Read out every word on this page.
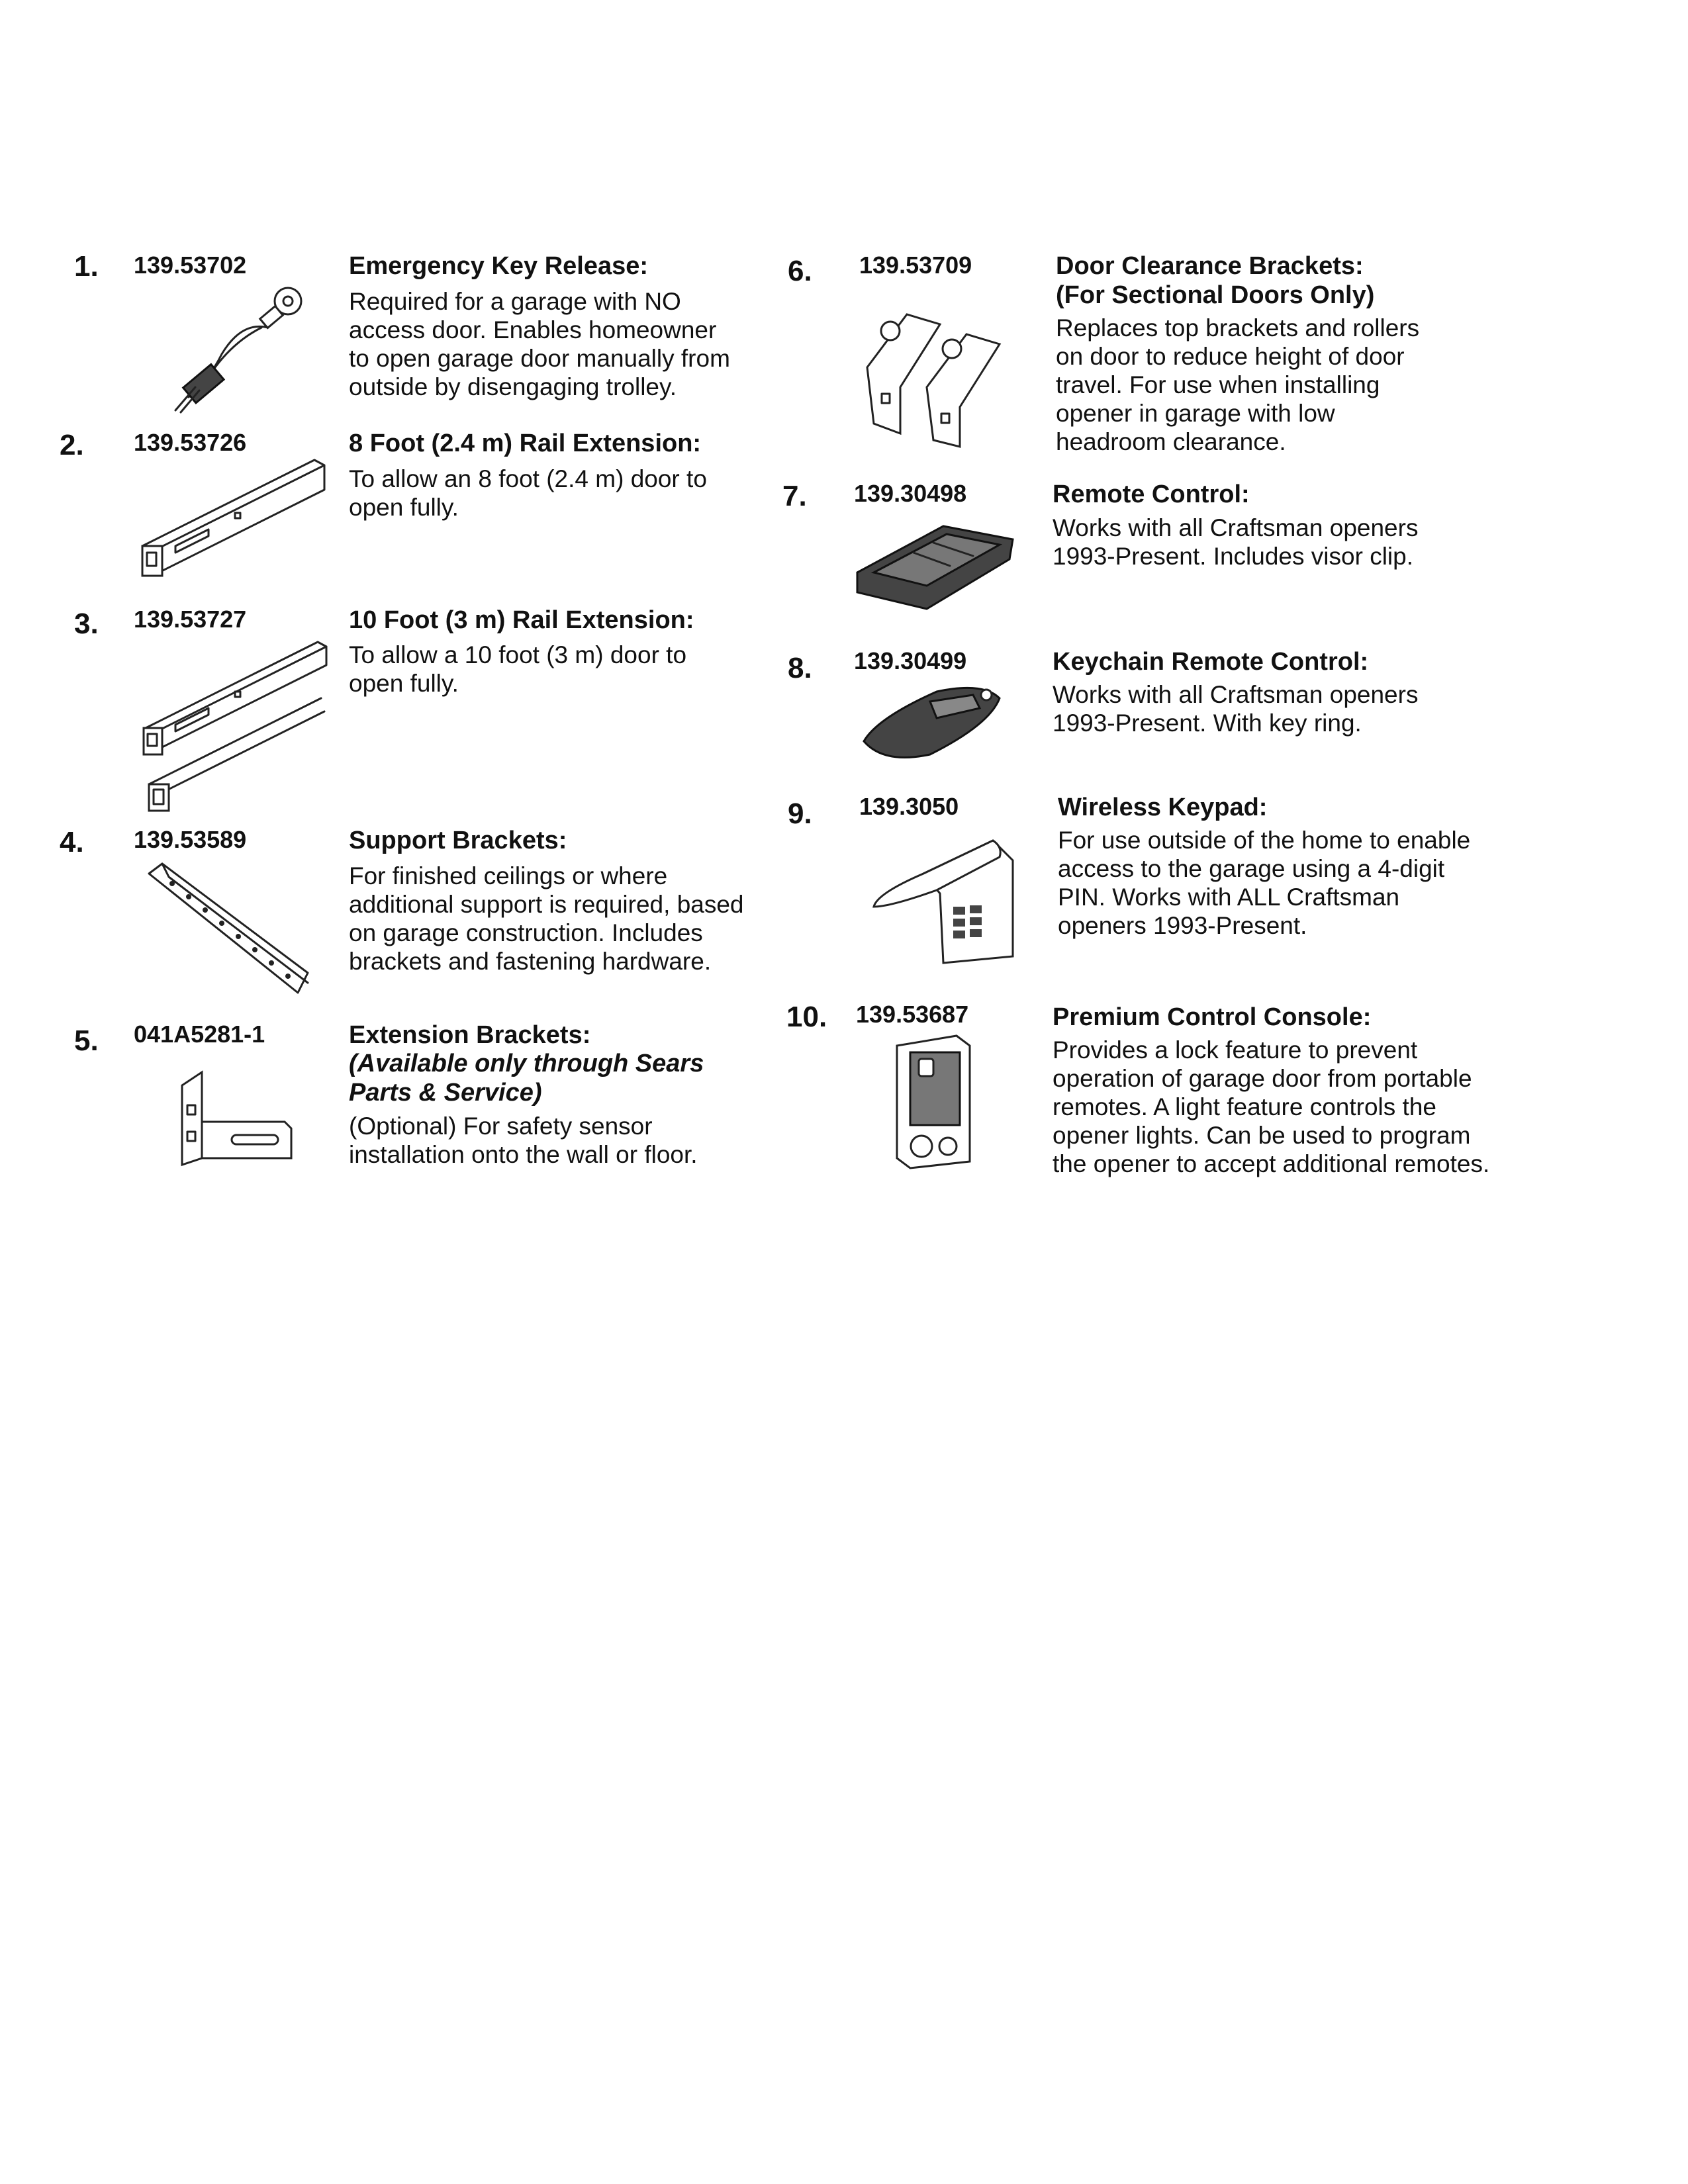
1. 139.53702	Emergency Key Release:
Required for a garage with NO
access door. Enables homeowner
to open garage door manually from
outside by disengaging trolley.
2. 139.53726	8 Foot (2.4 m) Rail Extension:
To allow an 8 foot (2.4 m) door to
open fully.
3. 139.53727	10 Foot (3 m) Rail Extension:
To allow a 10 foot (3 m) door to
open fully.
4. 139.53589	Support Brackets:
For finished ceilings or where
additional support is required, based
on garage construction. Includes
brackets and fastening hardware.
5. 041A5281-1	Extension Brackets:
(Available only through Sears
Parts & Service)
(Optional) For safety sensor
installation onto the wall or floor.
6. 139.53709	Door Clearance Brackets:
(For Sectional Doors Only)
Replaces top brackets and rollers
on door to reduce height of door
travel. For use when installing
opener in garage with low
headroom clearance.
7. 139.30498	Remote Control:
Works with all Craftsman openers
1993-Present. Includes visor clip.
8. 139.30499	Keychain Remote Control:
Works with all Craftsman openers
1993-Present. With key ring.
9. 139.3050	Wireless Keypad:
For use outside of the home to enable
access to the garage using a 4-digit
PIN. Works with ALL Craftsman
openers 1993-Present.
10. 139.53687	Premium Control Console:
Provides a lock feature to prevent
operation of garage door from portable
remotes. A light feature controls the
opener lights. Can be used to program
the opener to accept additional remotes.
